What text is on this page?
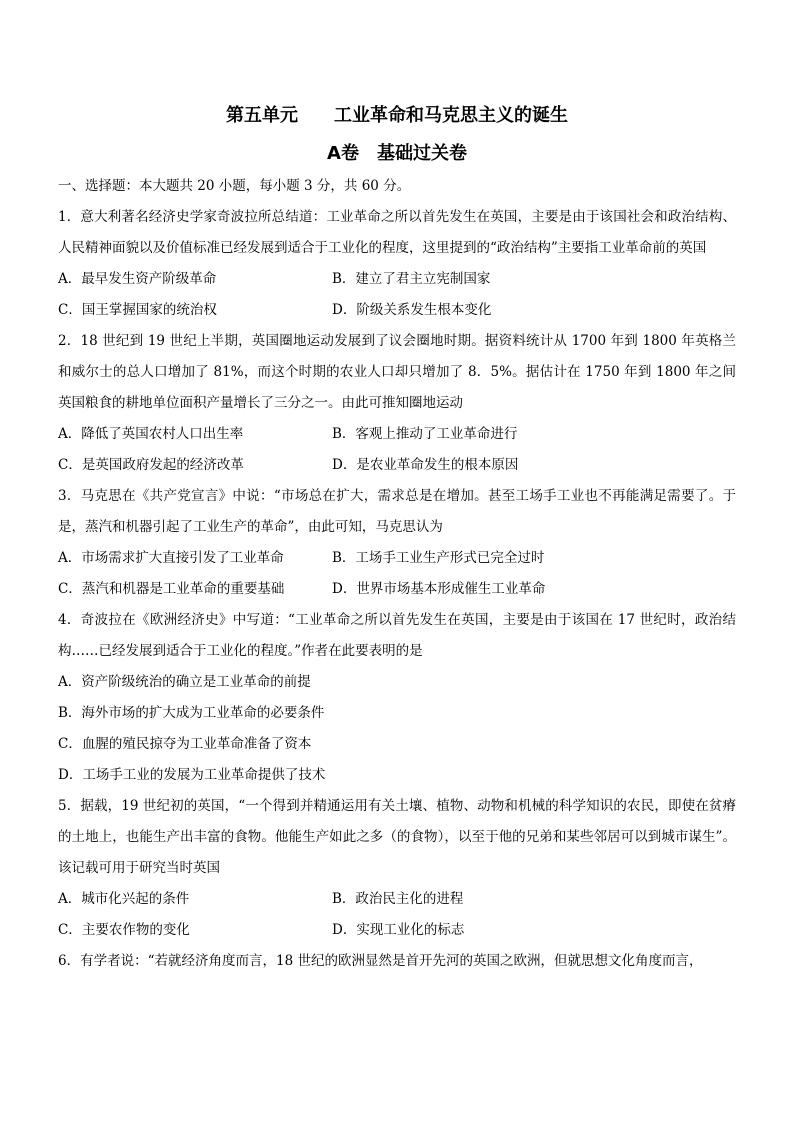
第五单元　　工业革命和马克思主义的诞生
A卷　基础过关卷
一、选择题：本大题共 20 小题，每小题 3 分，共 60 分。
1．意大利著名经济史学家奇波拉所总结道：工业革命之所以首先发生在英国，主要是由于该国社会和政治结构、人民精神面貌以及价值标准已经发展到适合于工业化的程度，这里提到的“政治结构”主要指工业革命前的英国
A．最早发生资产阶级革命	B．建立了君主立宪制国家
C．国王掌握国家的统治权	D．阶级关系发生根本变化
2．18 世纪到 19 世纪上半期，英国圈地运动发展到了议会圈地时期。据资料统计从 1700 年到 1800 年英格兰和威尔士的总人口增加了 81%，而这个时期的农业人口却只增加了 8．5%。据估计在 1750 年到 1800 年之间英国粮食的耕地单位面积产量增长了三分之一。由此可推知圈地运动
A．降低了英国农村人口出生率	B．客观上推动了工业革命进行
C．是英国政府发起的经济改革	D．是农业革命发生的根本原因
3．马克思在《共产党宣言》中说：“市场总在扩大，需求总是在增加。甚至工场手工业也不再能满足需要了。于是，蒸汽和机器引起了工业生产的革命”，由此可知，马克思认为
A．市场需求扩大直接引发了工业革命	B．工场手工业生产形式已完全过时
C．蒸汽和机器是工业革命的重要基础	D．世界市场基本形成催生工业革命
4．奇波拉在《欧洲经济史》中写道：“工业革命之所以首先发生在英国，主要是由于该国在 17 世纪时，政治结构……已经发展到适合于工业化的程度。”作者在此要表明的是
A．资产阶级统治的确立是工业革命的前提
B．海外市场的扩大成为工业革命的必要条件
C．血腥的殖民掠夺为工业革命准备了资本
D．工场手工业的发展为工业革命提供了技术
5．据载，19 世纪初的英国，“一个得到并精通运用有关土壤、植物、动物和机械的科学知识的农民，即使在贫瘠的土地上，也能生产出丰富的食物。他能生产如此之多（的食物），以至于他的兄弟和某些邻居可以到城市谋生”。该记载可用于研究当时英国
A．城市化兴起的条件	B．政治民主化的进程
C．主要农作物的变化	D．实现工业化的标志
6．有学者说：“若就经济角度而言，18 世纪的欧洲显然是首开先河的英国之欧洲，但就思想文化角度而言，
